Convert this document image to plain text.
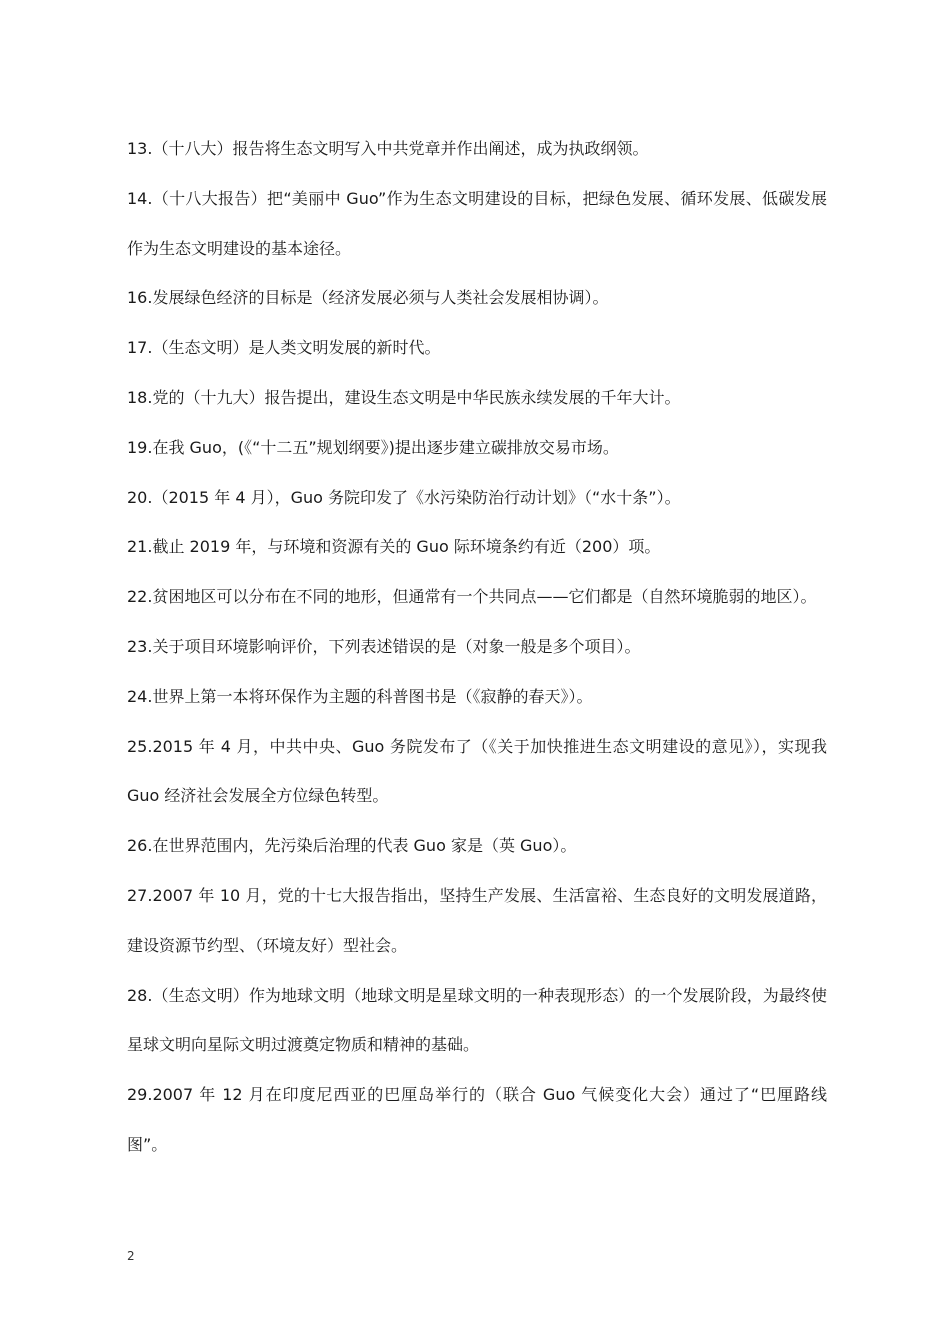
13.（十八大）报告将生态文明写入中共党章并作出阐述，成为执政纲领。

14.（十八大报告）把“美丽中 Guo”作为生态文明建设的目标，把绿色发展、循环发展、低碳发展作为生态文明建设的基本途径。

16.发展绿色经济的目标是（经济发展必须与人类社会发展相协调）。

17.（生态文明）是人类文明发展的新时代。

18.党的（十九大）报告提出，建设生态文明是中华民族永续发展的千年大计。

19.在我 Guo，(《“十二五”规划纲要》)提出逐步建立碳排放交易市场。

20.（2015 年 4 月），Guo 务院印发了《水污染防治行动计划》（“水十条”）。

21.截止 2019 年，与环境和资源有关的 Guo 际环境条约有近（200）项。

22.贫困地区可以分布在不同的地形，但通常有一个共同点——它们都是（自然环境脆弱的地区）。

23.关于项目环境影响评价，下列表述错误的是（对象一般是多个项目）。

24.世界上第一本将环保作为主题的科普图书是（《寂静的春天》）。

25.2015 年 4 月，中共中央、Guo 务院发布了（《关于加快推进生态文明建设的意见》），实现我 Guo 经济社会发展全方位绿色转型。

26.在世界范围内，先污染后治理的代表 Guo 家是（英 Guo）。

27.2007 年 10 月，党的十七大报告指出，坚持生产发展、生活富裕、生态良好的文明发展道路，建设资源节约型、（环境友好）型社会。

28.（生态文明）作为地球文明（地球文明是星球文明的一种表现形态）的一个发展阶段，为最终使星球文明向星际文明过渡奠定物质和精神的基础。

29.2007 年 12 月在印度尼西亚的巴厘岛举行的（联合 Guo 气候变化大会）通过了“巴厘路线图”。

2
